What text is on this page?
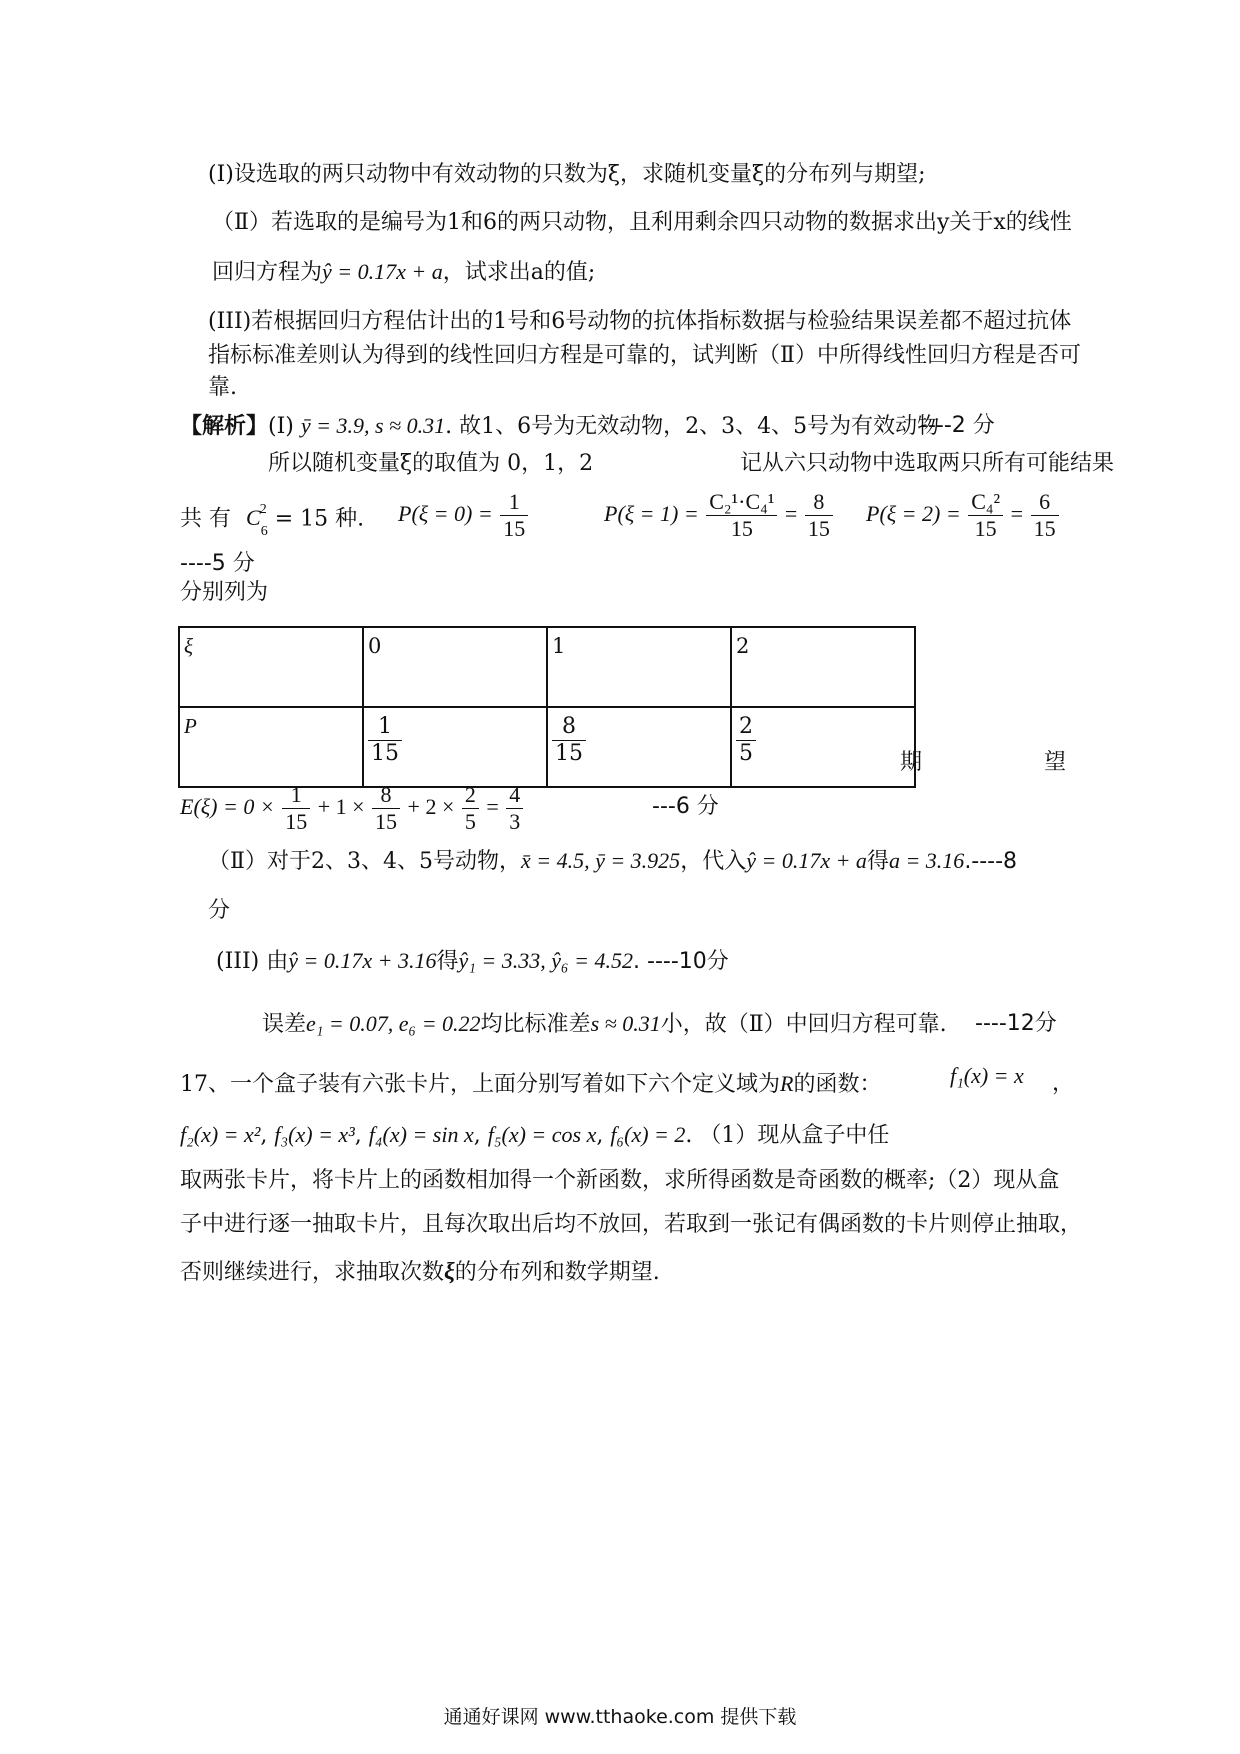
(Ⅰ)设选取的两只动物中有效动物的只数为ξ，求随机变量ξ的分布列与期望;
（Ⅱ）若选取的是编号为1和6的两只动物，且利用剩余四只动物的数据求出y关于x的线性
回归方程为ŷ = 0.17x + a，试求出a的值;
(III)若根据回归方程估计出的1号和6号动物的抗体指标数据与检验结果误差都不超过抗体
指标标准差则认为得到的线性回归方程是可靠的，试判断（Ⅱ）中所得线性回归方程是否可
靠.
【解析】(Ⅰ) ȳ = 3.9, s ≈ 0.31. 故1、6号为无效动物，2、3、4、5号为有效动物
----2 分
所以随机变量ξ的取值为 0，1，2	记从六只动物中选取两只所有可能结果
共 有 $C_6^2 = 15$ 种. $P(\xi = 0) = \frac{1}{15}$	$P(\xi = 1) = \frac{\text{C₂¹·C₄¹}}{15} = \frac{8}{15} P(\xi = 2) = \frac{\text{C₄²}}{15} = \frac{6}{15}$
----5 分
分别列为
ξ	0	1	2
P	$\frac{1}{15}$	$\frac{8}{15}$	$\frac{2}{5}$	期	望
$E(\xi) = 0 \times \frac{1}{15} + 1 \times \frac{8}{15} + 2 \times \frac{2}{5} = \frac{4}{3}$	---6 分
（Ⅱ）对于2、3、4、5号动物，x̄ = 4.5, ȳ = 3.925，代入ŷ = 0.17x + a得a = 3.16.----8
分
(III) 由ŷ = 0.17x + 3.16得ŷ₁ = 3.33, ŷ₆ = 4.52. ----10分
误差e₁ = 0.07, e₆ = 0.22均比标准差s ≈ 0.31小，故（Ⅱ）中回归方程可靠. ----12分
17、一个盒子装有六张卡片，上面分别写着如下六个定义域为R的函数：	f₁(x) = x ，
f₂(x) = x², f₃(x) = x³, f₄(x) = sin x, f₅(x) = cos x, f₆(x) = 2. （1）现从盒子中任
取两张卡片，将卡片上的函数相加得一个新函数，求所得函数是奇函数的概率;（2）现从盒
子中进行逐一抽取卡片，且每次取出后均不放回，若取到一张记有偶函数的卡片则停止抽取，
否则继续进行，求抽取次数ξ的分布列和数学期望.
通通好课网 www.tthaoke.com 提供下载
